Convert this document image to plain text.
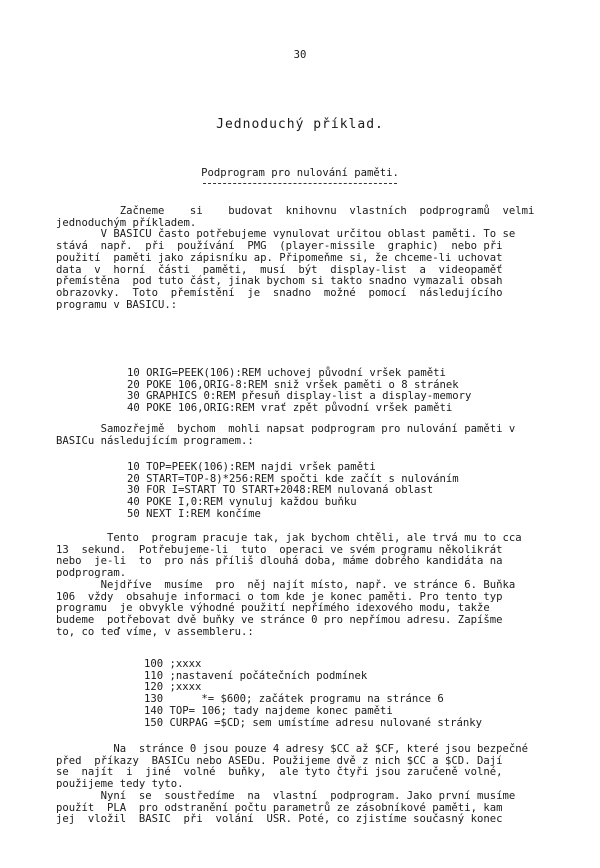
30
Jednoduchý příklad.
Podprogram pro nulování paměti.
Začneme    si    budovat  knihovnu  vlastních  podprogramů  velmi
jednoduchým příkladem.
V BASICU často potřebujeme vynulovat určitou oblast paměti. To se
stává  např.  při  používání  PMG  (player-missile  graphic)  nebo při
použití  paměti jako zápisníku ap. Připomeňme si, že chceme-li uchovat
data  v  horní  části  paměti,  musí  být  display-list  a  videopaměť
přemístěna  pod tuto část, jinak bychom si takto snadno vymazali obsah
obrazovky.  Toto  přemístění  je  snadno  možné  pomocí  následujícího
programu v BASICU.:
10 ORIG=PEEK(106):REM uchovej původní vršek paměti
20 POKE 106,ORIG-8:REM sniž vršek paměti o 8 stránek
30 GRAPHICS 0:REM přesuň display-list a display-memory
40 POKE 106,ORIG:REM vrať zpět původní vršek paměti
Samozřejmě  bychom  mohli napsat podprogram pro nulování paměti v
BASICu následujícím programem.:
10 TOP=PEEK(106):REM najdi vršek paměti
20 START=TOP-8)*256:REM spočti kde začít s nulováním
30 FOR I=START TO START+2048:REM nulovaná oblast
40 POKE I,0:REM vynuluj každou buňku
50 NEXT I:REM končíme
Tento  program pracuje tak, jak bychom chtěli, ale trvá mu to cca
13  sekund.  Potřebujeme-li  tuto  operaci ve svém programu několikrát
nebo  je-li  to  pro nás příliš dlouhá doba, máme dobrého kandidáta na
podprogram.
Nejdříve  musíme  pro  něj najít místo, např. ve stránce 6. Buňka
106  vždy  obsahuje informaci o tom kde je konec paměti. Pro tento typ
programu  je obvykle výhodné použití nepřímého idexového modu, takže
budeme  potřebovat dvě buňky ve stránce 0 pro nepřímou adresu. Zapíšme
to, co teď víme, v assembleru.:
100 ;xxxx
110 ;nastavení počátečních podmínek
120 ;xxxx
130      *= $600; začátek programu na stránce 6
140 TOP= 106; tady najdeme konec paměti
150 CURPAG =$CD; sem umístíme adresu nulované stránky
Na  stránce 0 jsou pouze 4 adresy $CC až $CF, které jsou bezpečné
před  příkazy  BASICu nebo ASEDu. Použijeme dvě z nich $CC a $CD. Dají
se  najít  i  jiné  volné  buňky,  ale tyto čtyři jsou zaručeně volné,
použijeme tedy tyto.
Nyní  se  soustředíme  na  vlastní  podprogram. Jako první musíme
použít  PLA  pro odstranění počtu parametrů ze zásobníkové paměti, kam
jej  vložil  BASIC  při  volání  USR. Poté, co zjistíme současný konec
